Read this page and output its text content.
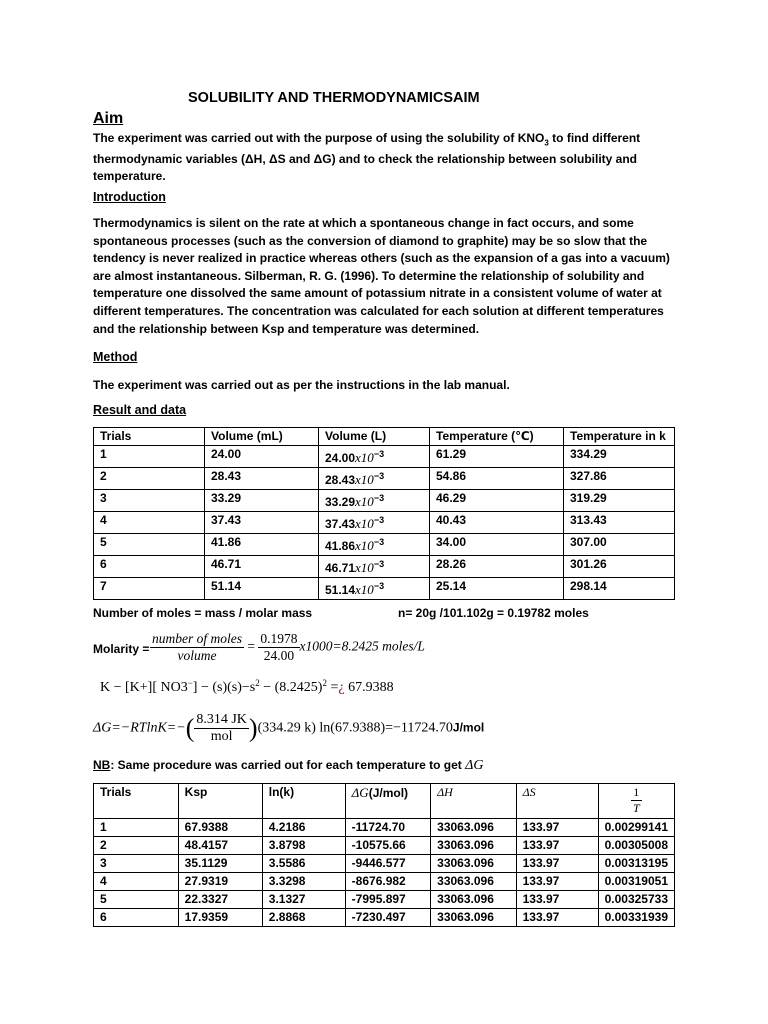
SOLUBILITY AND THERMODYNAMICSAIM
Aim
The experiment was carried out with the purpose of using the solubility of $KNO_3$ to find different thermodynamic variables (ΔH, ΔS and ΔG) and to check the relationship between solubility and temperature.
Introduction
Thermodynamics is silent on the rate at which a spontaneous change in fact occurs, and some spontaneous processes (such as the conversion of diamond to graphite) may be so slow that the tendency is never realized in practice whereas others (such as the expansion of a gas into a vacuum) are almost instantaneous. Silberman, R. G. (1996). To determine the relationship of solubility and temperature one dissolved the same amount of potassium nitrate in a consistent volume of water at different temperatures. The concentration was calculated for each solution at different temperatures and the relationship between Ksp and temperature was determined.
Method
The experiment was carried out as per the instructions in the lab manual.
Result and data
Trials	Volume (mL)	Volume (L)	Temperature (℃)	Temperature in k
1	24.00	$24.00x10^{-3}$	61.29	334.29
2	28.43	$28.43x10^{-3}$	54.86	327.86
3	33.29	$33.29x10^{-3}$	46.29	319.29
4	37.43	$37.43x10^{-3}$	40.43	313.43
5	41.86	$41.86x10^{-3}$	34.00	307.00
6	46.71	$46.71x10^{-3}$	28.26	301.26
7	51.14	$51.14x10^{-3}$	25.14	298.14
Number of moles = mass / molar mass	n= 20g /101.102g = 0.19782 moles
Molarity = $\frac{\text{number of moles}}{\text{volume}} = \frac{0.1978}{24.00} x1000=8.2425$ moles/L
K − [K+][ $NO3^-] - (s)(s)-s^2 - (8.2425)^2$ =¿ 67.9388
$\Delta G=-RTlnK=-( \frac{8.314 JK}{\text{mol}} )(334.29$ k) ln(67.9388)=−11724.70J/mol
NB: Same procedure was carried out for each temperature to get ΔG
Trials	Ksp	ln(k)	ΔG(J/mol)	ΔH	ΔS	$\frac{1}{T}$

1	67.9388	4.2186	-11724.70	33063.096	133.97	0.00299141
2	48.4157	3.8798	-10575.66	33063.096	133.97	0.00305008
3	35.1129	3.5586	-9446.577	33063.096	133.97	0.00313195
4	27.9319	3.3298	-8676.982	33063.096	133.97	0.00319051
5	22.3327	3.1327	-7995.897	33063.096	133.97	0.00325733
6	17.9359	2.8868	-7230.497	33063.096	133.97	0.00331939
